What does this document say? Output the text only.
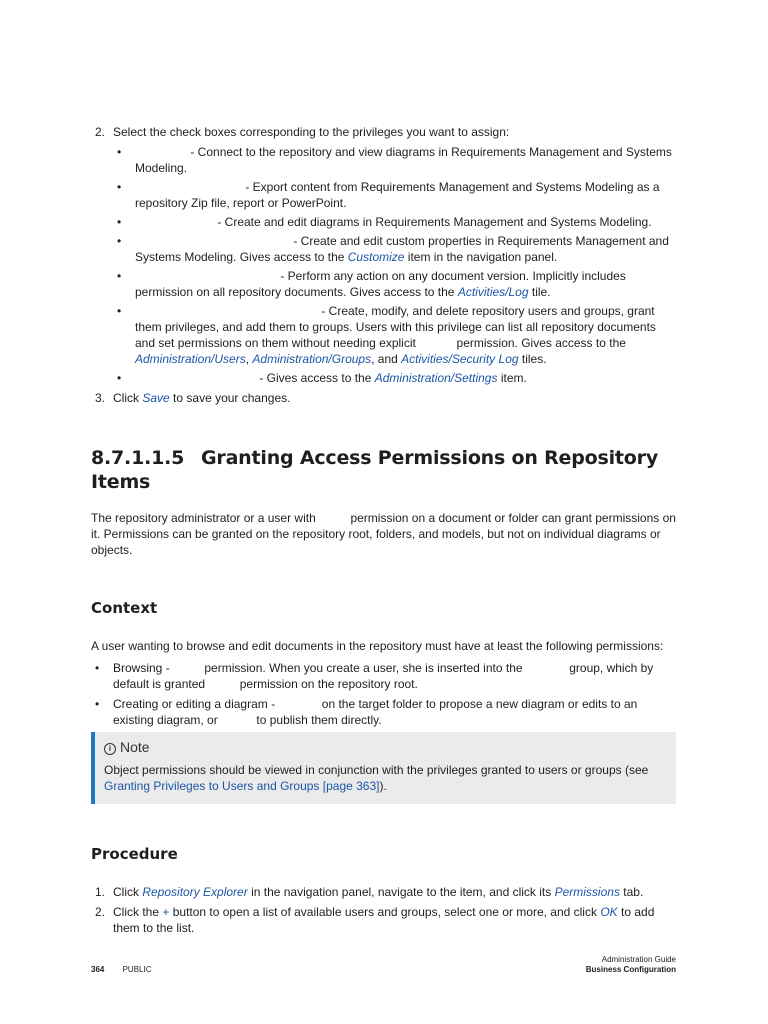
2. Select the check boxes corresponding to the privileges you want to assign:
•	- Connect to the repository and view diagrams in Requirements Management and Systems Modeling.
•	- Export content from Requirements Management and Systems Modeling as a repository Zip file, report or PowerPoint.
•	- Create and edit diagrams in Requirements Management and Systems Modeling.
•	- Create and edit custom properties in Requirements Management and Systems Modeling. Gives access to the Customize item in the navigation panel.
•	- Perform any action on any document version. Implicitly includes  permission on all repository documents. Gives access to the Activities/Log tile.
•	- Create, modify, and delete repository users and groups, grant them privileges, and add them to groups. Users with this privilege can list all repository documents and set permissions on them without needing explicit	permission. Gives access to the Administration/Users, Administration/Groups, and Activities/Security Log tiles.
•	- Gives access to the Administration/Settings item.
3. Click Save to save your changes.
8.7.1.1.5 Granting Access Permissions on Repository Items

The repository administrator or a user with	permission on a document or folder can grant permissions on it. Permissions can be granted on the repository root, folders, and models, but not on individual diagrams or objects.

Context

A user wanting to browse and edit documents in the repository must have at least the following permissions:

• Browsing -	permission. When you create a user, she is inserted into the	group, which by default is granted	permission on the repository root.
• Creating or editing a diagram -	on the target folder to propose a new diagram or edits to an existing diagram, or	to publish them directly.
i Note

Object permissions should be viewed in conjunction with the privileges granted to users or groups (see Granting Privileges to Users and Groups [page 363]).

Procedure
1. Click Repository Explorer in the navigation panel, navigate to the item, and click its Permissions tab.
2. Click the + button to open a list of available users and groups, select one or more, and click OK to add them to the list.
364 PUBLIC
Administration Guide
Business Configuration
